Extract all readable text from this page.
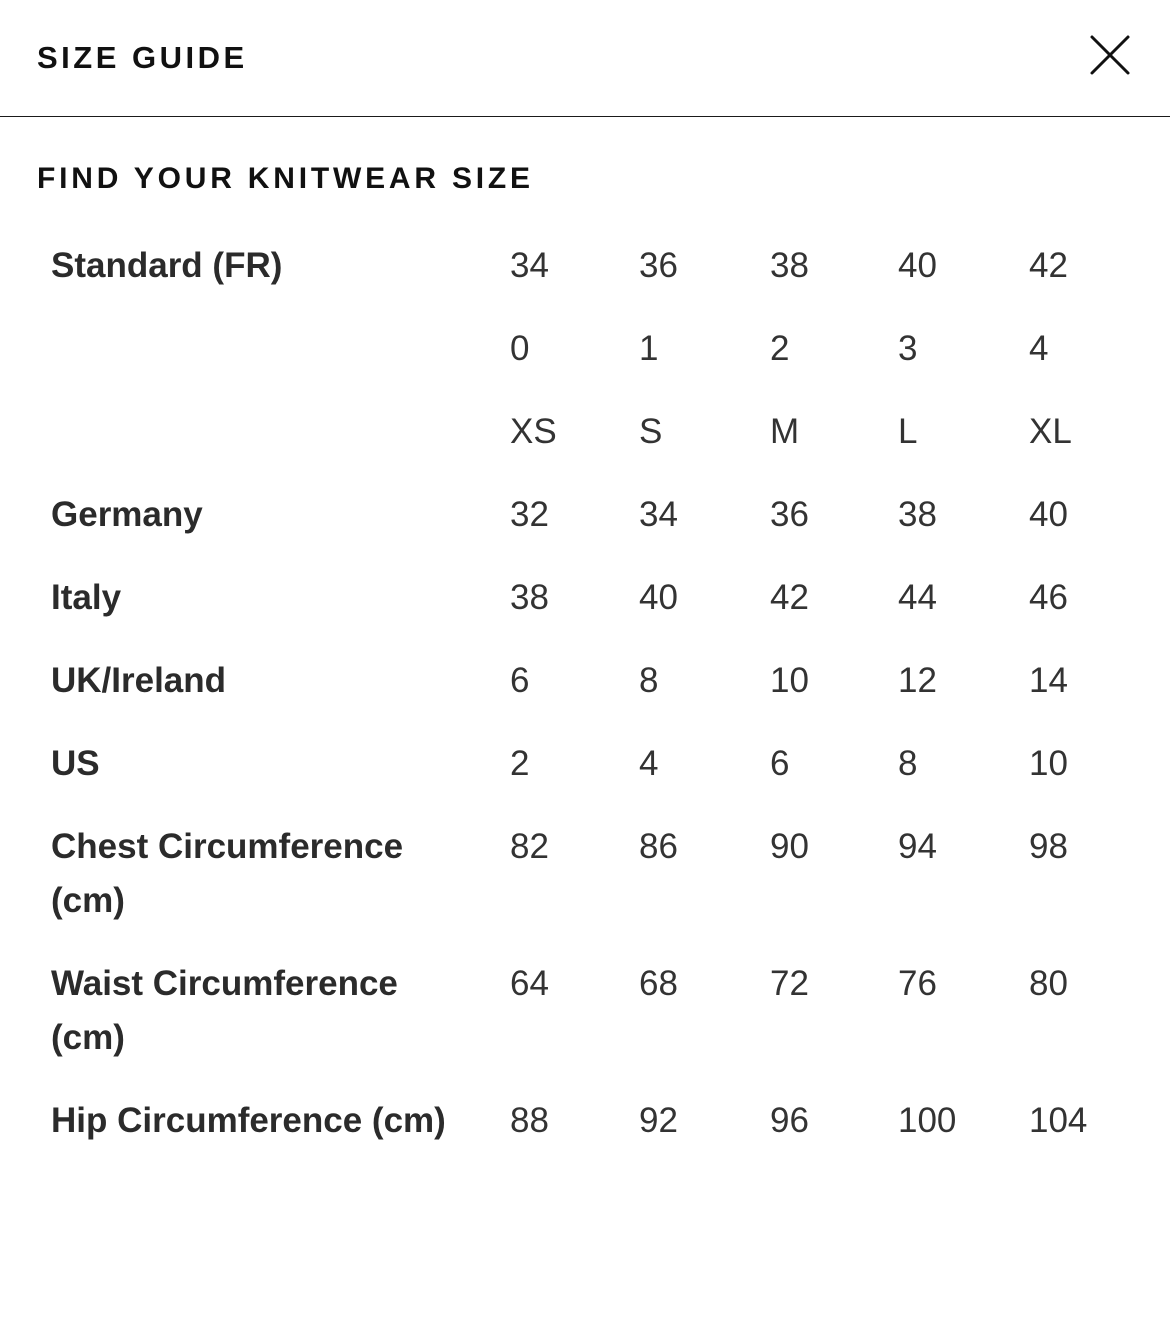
SIZE GUIDE
FIND YOUR KNITWEAR SIZE
Standard (FR)	34	36	38	40	42

	0	1	2	3	4

	XS	S	M	L	XL

Germany	32	34	36	38	40

Italy	38	40	42	44	46

UK/Ireland	6	8	10	12	14

US	2	4	6	8	10

Chest Circumference (cm)	82	86	90	94	98

Waist Circumference (cm)	64	68	72	76	80

Hip Circumference (cm)	88	92	96	100	104
